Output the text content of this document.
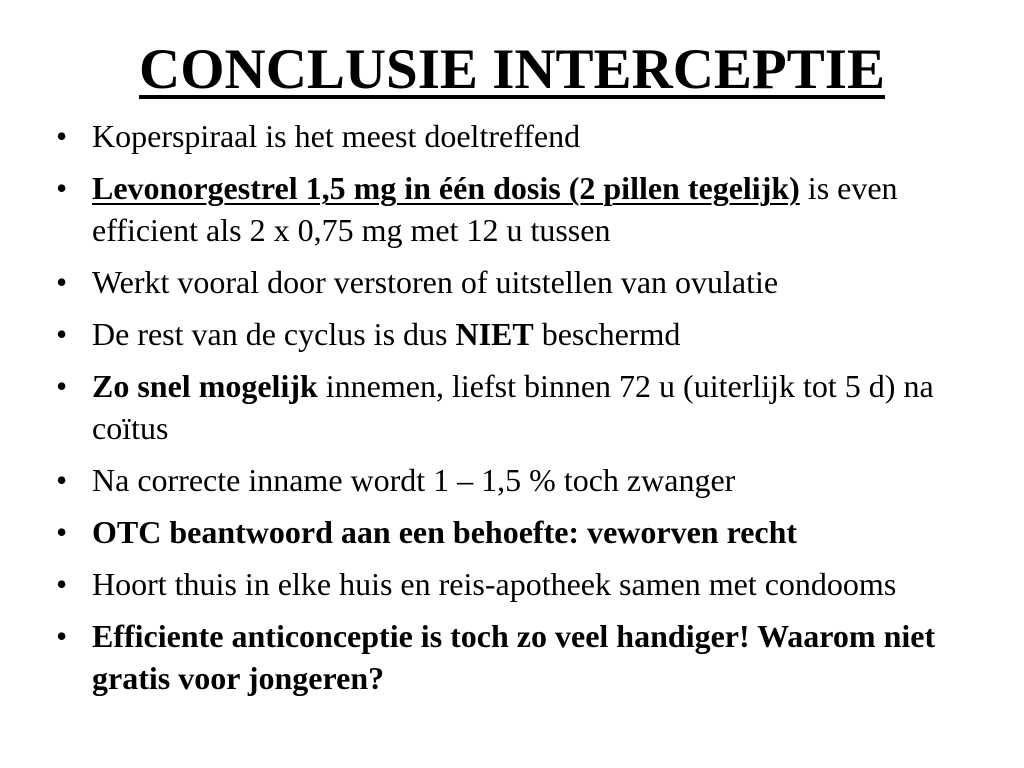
CONCLUSIE INTERCEPTIE
• Koperspiraal is het meest doeltreffend
• Levonorgestrel 1,5 mg in één dosis (2 pillen tegelijk) is even efficient als 2 x 0,75 mg met 12 u tussen
• Werkt vooral door verstoren of uitstellen van ovulatie
• De rest van de cyclus is dus NIET beschermd
• Zo snel mogelijk innemen, liefst binnen 72 u (uiterlijk tot 5 d) na coïtus
• Na correcte inname wordt 1 – 1,5 % toch zwanger
• OTC beantwoord aan een behoefte: veworven recht
• Hoort thuis in elke huis en reis-apotheek samen met condooms
• Efficiente anticonceptie is toch zo veel handiger! Waarom niet gratis voor jongeren?
